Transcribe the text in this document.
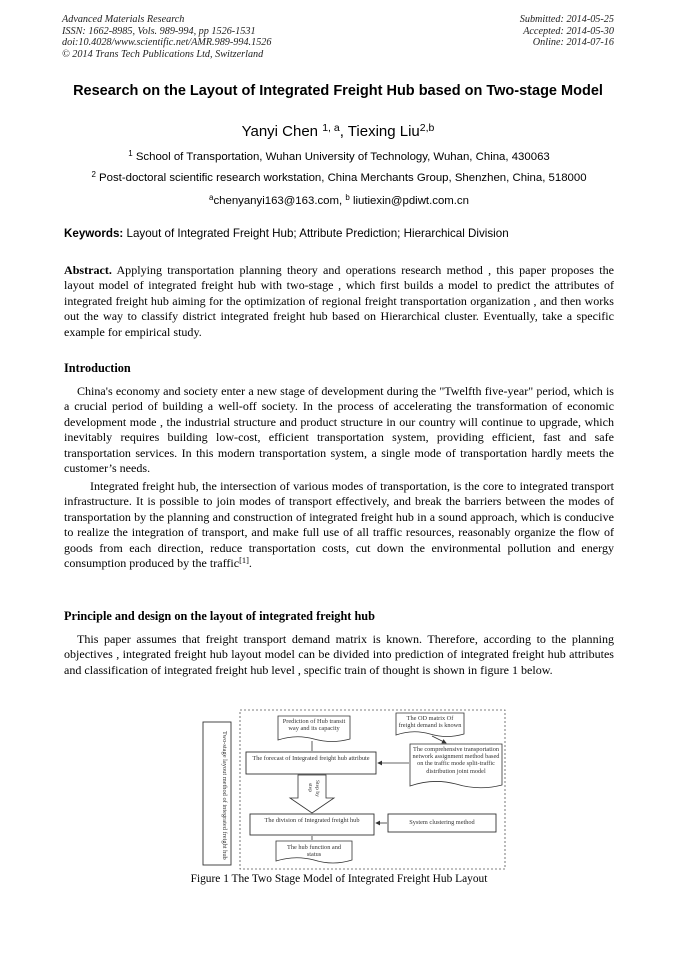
Advanced Materials Research
ISSN: 1662-8985, Vols. 989-994, pp 1526-1531
doi:10.4028/www.scientific.net/AMR.989-994.1526
© 2014 Trans Tech Publications Ltd, Switzerland
Submitted: 2014-05-25
Accepted: 2014-05-30
Online: 2014-07-16
Research on the Layout of Integrated Freight Hub based on Two-stage Model
Yanyi Chen $^{1, a}$, Tiexing Liu$^{2,b}$
$^1$ School of Transportation, Wuhan University of Technology, Wuhan, China, 430063
$^2$ Post-doctoral scientific research workstation, China Merchants Group, Shenzhen, China, 518000
$^a$chenyanyi163@163.com, $^b$ liutiexin@pdiwt.com.cn
Keywords: Layout of Integrated Freight Hub; Attribute Prediction; Hierarchical Division
Abstract. Applying transportation planning theory and operations research method , this paper proposes the layout model of integrated freight hub with two-stage , which first builds a model to predict the attributes of integrated freight hub aiming for the optimization of regional freight transportation organization , and then works out the way to classify district integrated freight hub based on Hierarchical cluster. Eventually, take a specific example for empirical study.
Introduction
China's economy and society enter a new stage of development during the "Twelfth five-year" period, which is a crucial period of building a well-off society. In the process of accelerating the transformation of economic development mode , the industrial structure and product structure in our country will continue to upgrade, which inevitably requires building low-cost, efficient transportation system, providing efficient, fast and safe transportation services. In this modern transportation system, a single mode of transportation hardly meets the customer’s needs.
Integrated freight hub, the intersection of various modes of transportation, is the core to integrated transport infrastructure. It is possible to join modes of transport effectively, and break the barriers between the modes of transportation by the planning and construction of integrated freight hub in a sound approach, which is conducive to realize the integration of transport, and make full use of all traffic resources, reasonably organize the flow of goods from each direction, reduce transportation costs, cut down the environmental pollution and energy consumption produced by the traffic[1].
Principle and design on the layout of integrated freight hub
This paper assumes that freight transport demand matrix is known. Therefore, according to the planning objectives , integrated freight hub layout model can be divided into prediction of integrated freight hub attributes and classification of integrated freight hub level , specific train of thought is shown in figure 1 below.
Two-stage layout method of integrated freight hub
Prediction of Hub transit way and its capacity
The OD matrix Of freight demand is known
The forecast of Integrated freight hub attribute
The comprehensive transportation network assignment method based on the traffic mode split-traffic distribution joint model
Step by step
The division of Integrated freight hub	System clustering method
The hub function and status
Figure 1 The Two Stage Model of Integrated Freight Hub Layout
